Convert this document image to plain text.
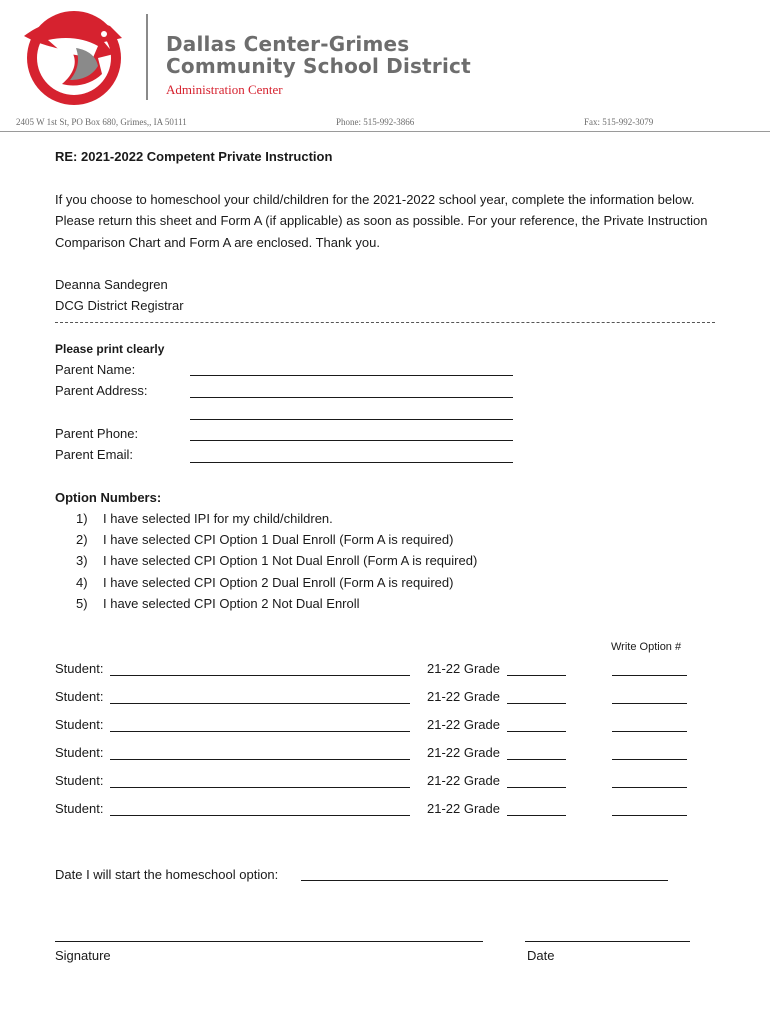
Dallas Center-Grimes
Community School District
Administration Center
2405 W 1st St, PO Box 680, Grimes,, IA 50111	Phone: 515-992-3866	Fax: 515-992-3079
RE: 2021-2022 Competent Private Instruction
If you choose to homeschool your child/children for the 2021-2022 school year, complete the information below.
Please return this sheet and Form A (if applicable) as soon as possible. For your reference, the Private Instruction
Comparison Chart and Form A are enclosed. Thank you.
Deanna Sandegren
DCG District Registrar
Please print clearly
Parent Name:
Parent Address:
Parent Phone:
Parent Email:
Option Numbers:
1) I have selected IPI for my child/children.
2) I have selected CPI Option 1 Dual Enroll (Form A is required)
3) I have selected CPI Option 1 Not Dual Enroll (Form A is required)
4) I have selected CPI Option 2 Dual Enroll (Form A is required)
5) I have selected CPI Option 2 Not Dual Enroll
Write Option #
Student:	21-22 Grade
Student:	21-22 Grade
Student:	21-22 Grade
Student:	21-22 Grade
Student:	21-22 Grade
Student:	21-22 Grade
Date I will start the homeschool option:
Signature	Date
